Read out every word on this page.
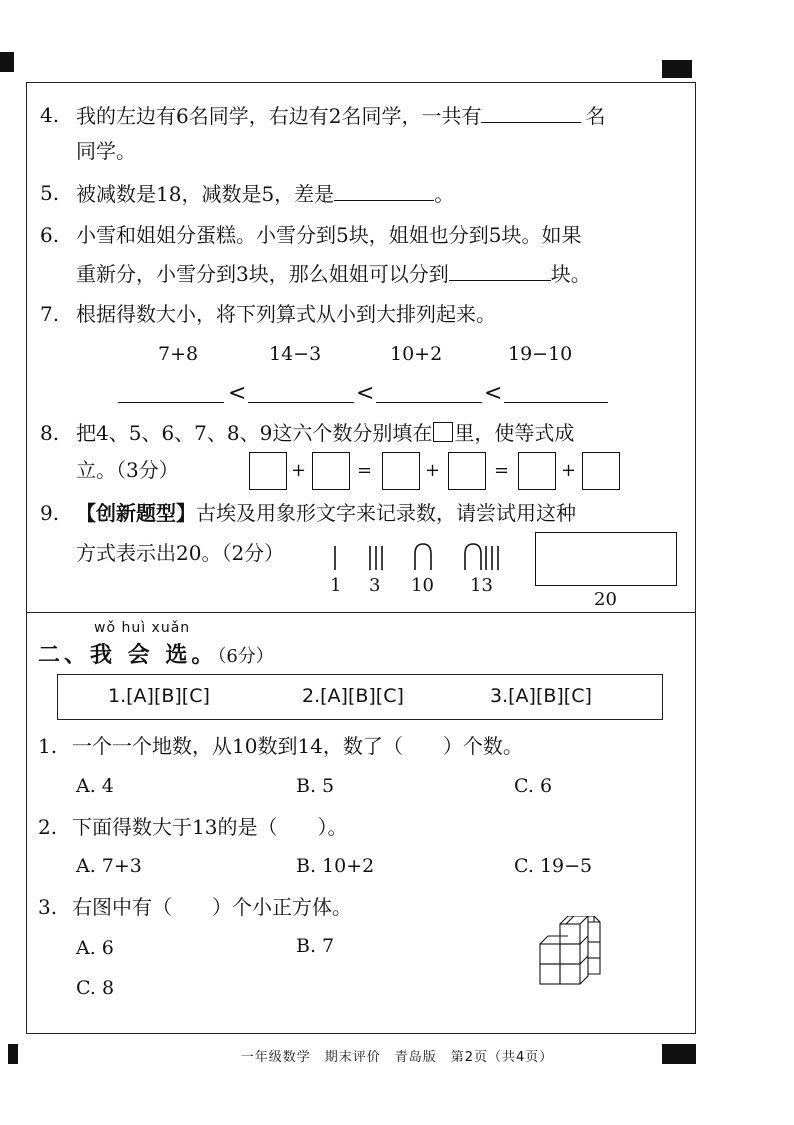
4. 我的左边有6名同学，右边有2名同学，一共有	名
同学。
5. 被减数是18，减数是5，差是	。
6. 小雪和姐姐分蛋糕。小雪分到5块，姐姐也分到5块。如果
重新分，小雪分到3块，那么姐姐可以分到	块。
7. 根据得数大小，将下列算式从小到大排列起来。
7+8	14−3	10+2	19−10
<	<	<
8. 把4、5、6、7、8、9这六个数分别填在 里，使等式成
立。（3分）	+	=	+	=	+
9. 【创新题型】古埃及用象形文字来记录数，请尝试用这种
方式表示出20。（2分）
1 3 10 13
20
wǒ huì xuǎn
二、我 会 选。（6分）
1.[A][B][C]	2.[A][B][C]	3.[A][B][C]
1. 一个一个地数，从10数到14，数了（　　）个数。
A. 4	B. 5	C. 6
2. 下面得数大于13的是（　　）。
A. 7+3	B. 10+2	C. 19−5
3. 右图中有（　　）个小正方体。
A. 6	B. 7
C. 8
一年级数学　期末评价　青岛版　第2页（共4页）
